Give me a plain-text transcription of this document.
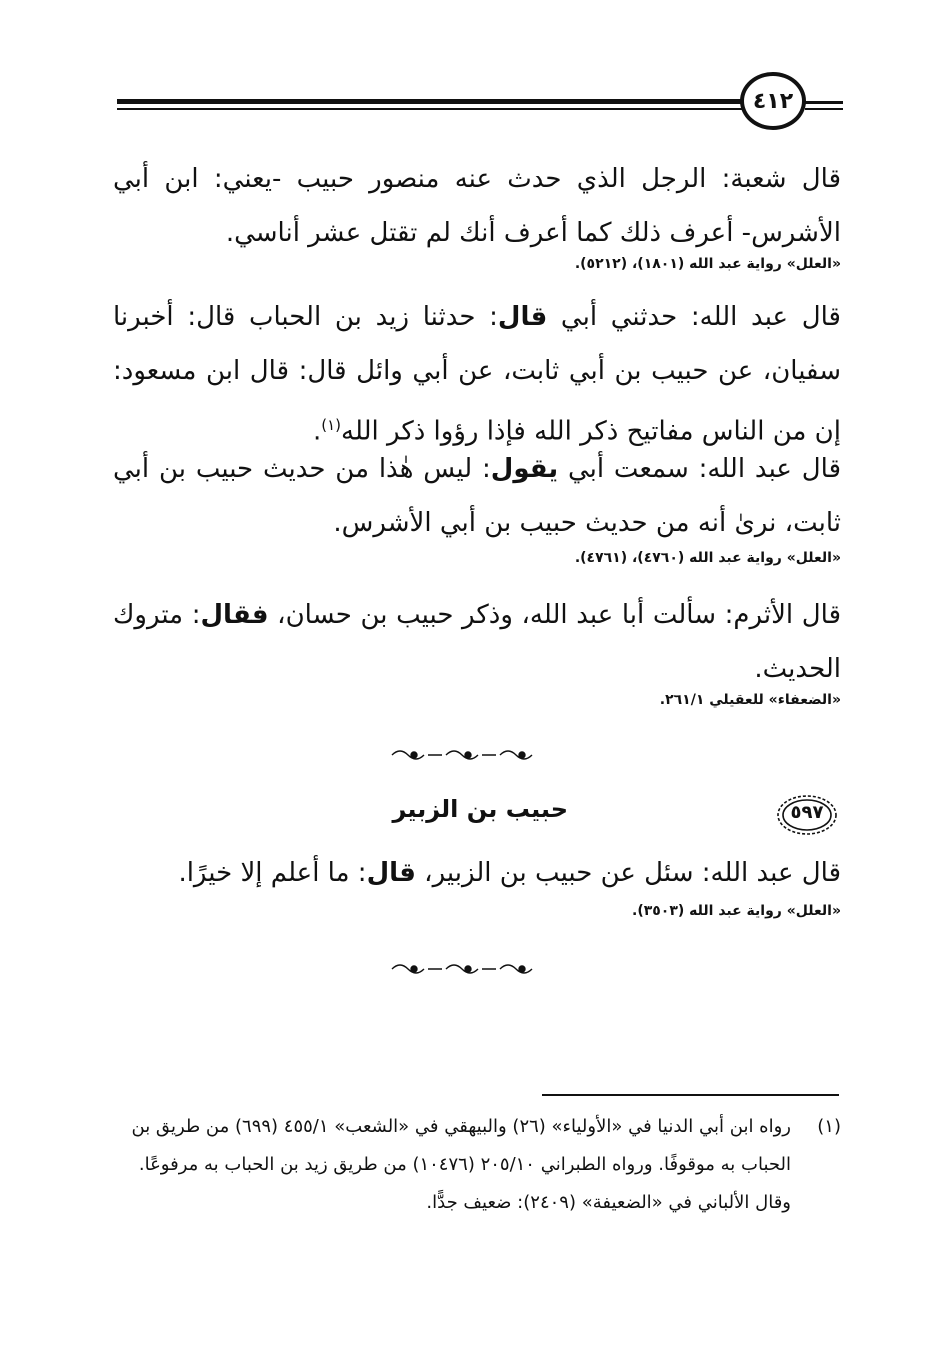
٤١٢

قال شعبة: الرجل الذي حدث عنه منصور حبيب -يعني: ابن أبي الأشرس- أعرف ذلك كما أعرف أنك لم تقتل عشر أناسي.

«العلل» رواية عبد الله (١٨٠١)، (٥٢١٢).

قال عبد الله: حدثني أبي قال: حدثنا زيد بن الحباب قال: أخبرنا سفيان، عن حبيب بن أبي ثابت، عن أبي وائل قال: قال ابن مسعود: إن من الناس مفاتيح ذكر الله فإذا رؤوا ذكر الله$^{(١)}$.

قال عبد الله: سمعت أبي يقول: ليس هٰذا من حديث حبيب بن أبي ثابت، نرىٰ أنه من حديث حبيب بن أبي الأشرس.

«العلل» رواية عبد الله (٤٧٦٠)، (٤٧٦١).

قال الأثرم: سألت أبا عبد الله، وذكر حبيب بن حسان، فقال: متروك الحديث.

«الضعفاء» للعقيلي ٢٦١/١.

٥٩٧
حبيب بن الزبير

قال عبد الله: سئل عن حبيب بن الزبير، قال: ما أعلم إلا خيرًا.

«العلل» رواية عبد الله (٣٥٠٣).

(١)
رواه ابن أبي الدنيا في «الأولياء» (٢٦) والبيهقي في «الشعب» ٤٥٥/١ (٦٩٩) من طريق بن الحباب به موقوفًا. ورواه الطبراني ٢٠٥/١٠ (١٠٤٧٦) من طريق زيد بن الحباب به مرفوعًا.
وقال الألباني في «الضعيفة» (٢٤٠٩): ضعيف جدًّا.
